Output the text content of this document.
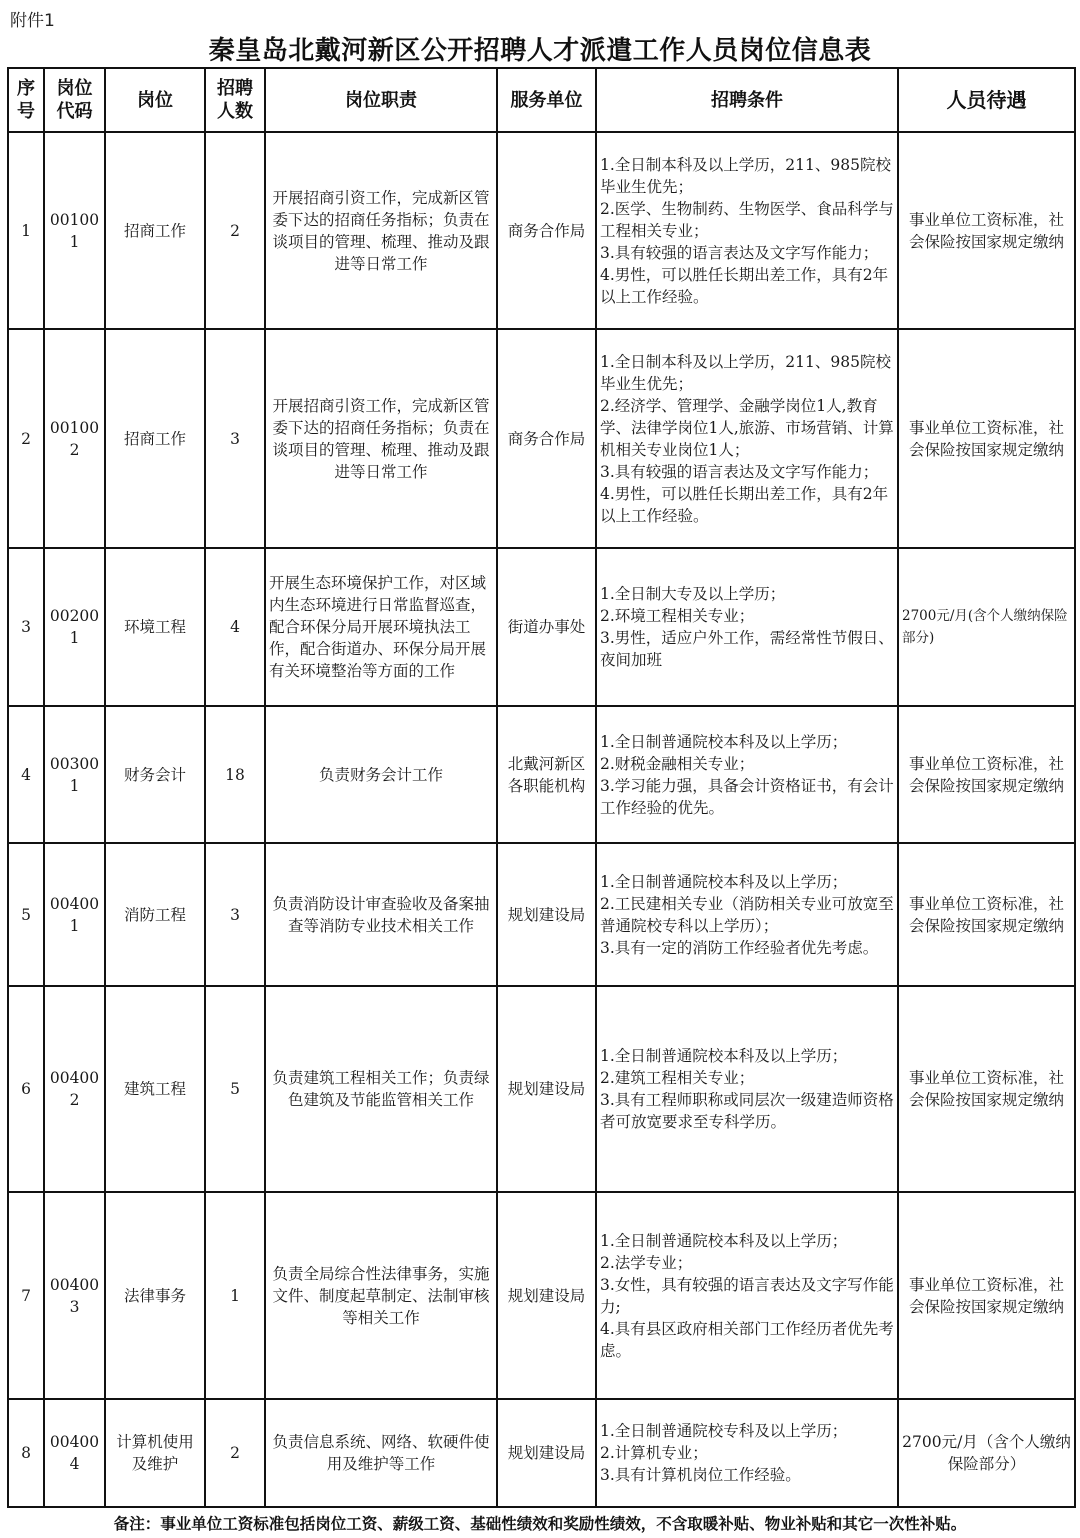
附件1
秦皇岛北戴河新区公开招聘人才派遣工作人员岗位信息表
序号	岗位代码	岗位	招聘人数	岗位职责	服务单位	招聘条件	人员待遇
1	001001	招商工作	2	开展招商引资工作，完成新区管委下达的招商任务指标；负责在谈项目的管理、梳理、推动及跟进等日常工作	商务合作局	1.全日制本科及以上学历，211、985院校毕业生优先；
2.医学、生物制药、生物医学、食品科学与工程相关专业；
3.具有较强的语言表达及文字写作能力；
4.男性，可以胜任长期出差工作，具有2年以上工作经验。	事业单位工资标准，社会保险按国家规定缴纳
2	001002	招商工作	3	开展招商引资工作，完成新区管委下达的招商任务指标；负责在谈项目的管理、梳理、推动及跟进等日常工作	商务合作局	1.全日制本科及以上学历，211、985院校毕业生优先；
2.经济学、管理学、金融学岗位1人,教育学、法律学岗位1人,旅游、市场营销、计算机相关专业岗位1人；
3.具有较强的语言表达及文字写作能力；
4.男性，可以胜任长期出差工作，具有2年以上工作经验。	事业单位工资标准，社会保险按国家规定缴纳
3	002001	环境工程	4	开展生态环境保护工作，对区域内生态环境进行日常监督巡查，配合环保分局开展环境执法工作，配合街道办、环保分局开展有关环境整治等方面的工作	街道办事处	1.全日制大专及以上学历；
2.环境工程相关专业；
3.男性，适应户外工作，需经常性节假日、夜间加班	2700元/月(含个人缴纳保险部分)
4	003001	财务会计	18	负责财务会计工作	北戴河新区各职能机构	1.全日制普通院校本科及以上学历；
2.财税金融相关专业；
3.学习能力强，具备会计资格证书，有会计工作经验的优先。	事业单位工资标准，社会保险按国家规定缴纳
5	004001	消防工程	3	负责消防设计审查验收及备案抽查等消防专业技术相关工作	规划建设局	1.全日制普通院校本科及以上学历；
2.工民建相关专业（消防相关专业可放宽至普通院校专科以上学历）；
3.具有一定的消防工作经验者优先考虑。	事业单位工资标准，社会保险按国家规定缴纳
6	004002	建筑工程	5	负责建筑工程相关工作；负责绿色建筑及节能监管相关工作	规划建设局	1.全日制普通院校本科及以上学历；
2.建筑工程相关专业；
3.具有工程师职称或同层次一级建造师资格者可放宽要求至专科学历。	事业单位工资标准，社会保险按国家规定缴纳
7	004003	法律事务	1	负责全局综合性法律事务，实施文件、制度起草制定、法制审核等相关工作	规划建设局	1.全日制普通院校本科及以上学历；
2.法学专业；
3.女性，具有较强的语言表达及文字写作能力;
4.具有县区政府相关部门工作经历者优先考虑。	事业单位工资标准，社会保险按国家规定缴纳
8	004004	计算机使用及维护	2	负责信息系统、网络、软硬件使用及维护等工作	规划建设局	1.全日制普通院校专科及以上学历；
2.计算机专业；
3.具有计算机岗位工作经验。	2700元/月（含个人缴纳保险部分）
备注：事业单位工资标准包括岗位工资、薪级工资、基础性绩效和奖励性绩效，不含取暖补贴、物业补贴和其它一次性补贴。
